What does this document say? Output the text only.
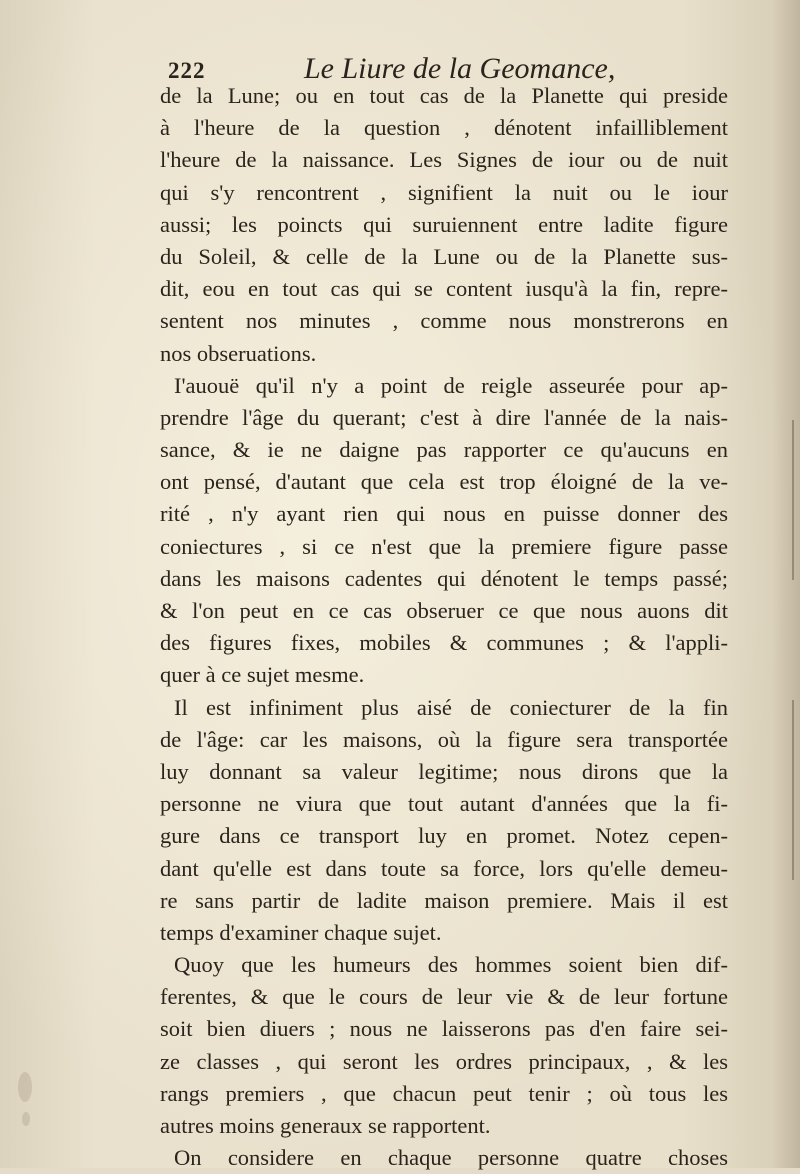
222	Le Liure de la Geomance,
de la Lune; ou en tout cas de la Planette qui preside
à l'heure de la question , dénotent infailliblement
l'heure de la naissance. Les Signes de iour ou de nuit
qui s'y rencontrent , signifient la nuit ou le iour
aussi; les poincts qui suruiennent entre ladite figure
du Soleil, & celle de la Lune ou de la Planette sus-
dit, eou en tout cas qui se content iusqu'à la fin, repre-
sentent nos minutes , comme nous monstrerons en
nos obseruations.
I'auouë qu'il n'y a point de reigle asseurée pour ap-
prendre l'âge du querant; c'est à dire l'année de la nais-
sance, & ie ne daigne pas rapporter ce qu'aucuns en
ont pensé, d'autant que cela est trop éloigné de la ve-
rité , n'y ayant rien qui nous en puisse donner des
coniectures , si ce n'est que la premiere figure passe
dans les maisons cadentes qui dénotent le temps passé;
& l'on peut en ce cas obseruer ce que nous auons dit
des figures fixes, mobiles & communes ; & l'appli-
quer à ce sujet mesme.
Il est infiniment plus aisé de coniecturer de la fin
de l'âge: car les maisons, où la figure sera transportée
luy donnant sa valeur legitime; nous dirons que la
personne ne viura que tout autant d'années que la fi-
gure dans ce transport luy en promet. Notez cepen-
dant qu'elle est dans toute sa force, lors qu'elle demeu-
re sans partir de ladite maison premiere. Mais il est
temps d'examiner chaque sujet.
Quoy que les humeurs des hommes soient bien dif-
ferentes, & que le cours de leur vie & de leur fortune
soit bien diuers ; nous ne laisserons pas d'en faire sei-
ze classes , qui seront les ordres principaux, , & les
rangs premiers , que chacun peut tenir ; où tous les
autres moins generaux se rapportent.
On considere en chaque personne quatre choses
